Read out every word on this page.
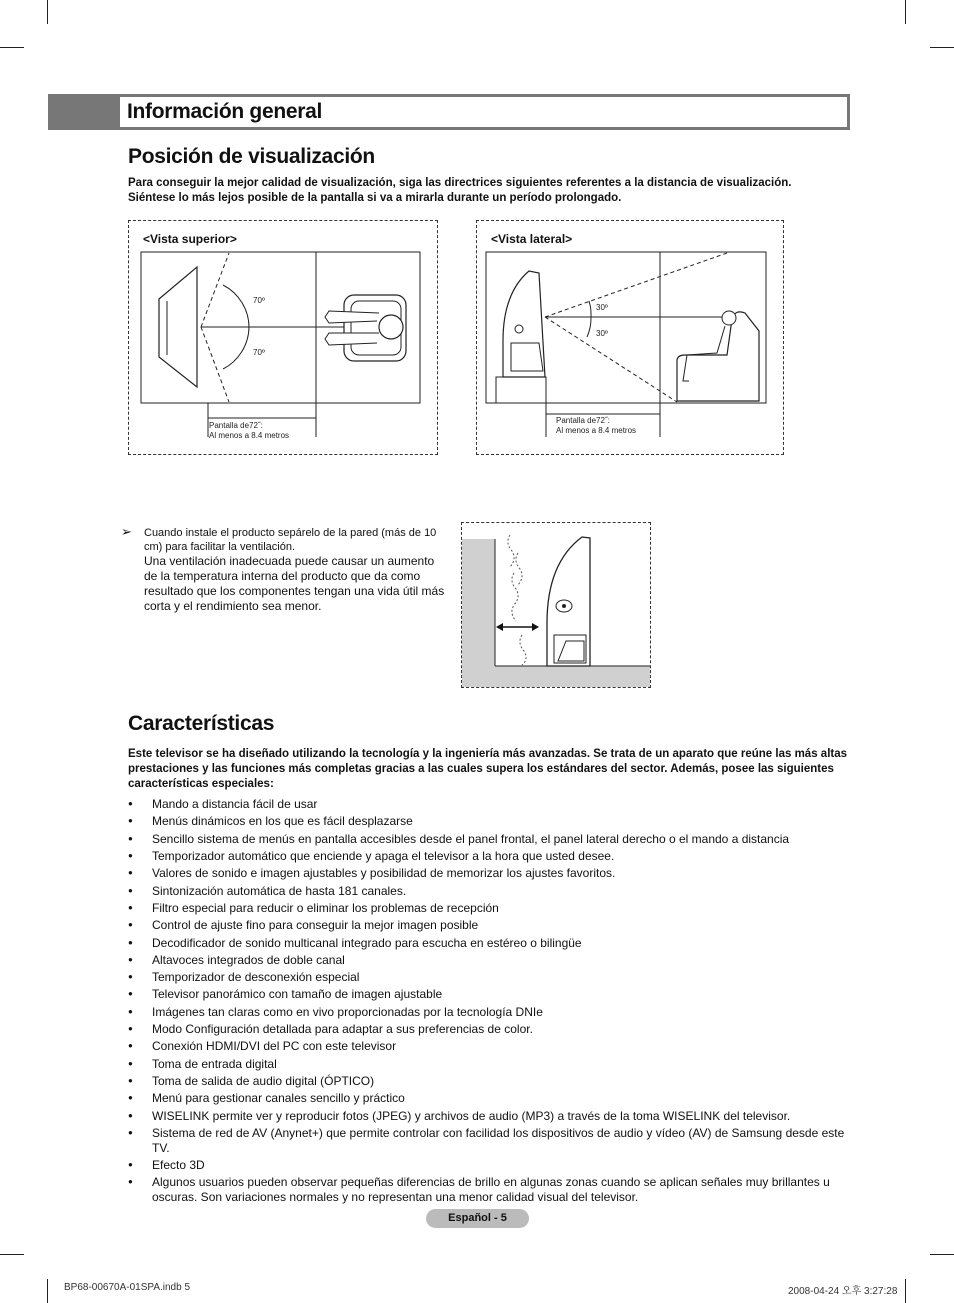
Información general
Posición de visualización
Para conseguir la mejor calidad de visualización, siga las directrices siguientes referentes a la distancia de visualización.
Siéntese lo más lejos posible de la pantalla si va a mirarla durante un período prolongado.
<Vista superior>
70º
70º
Pantalla de72˝:
Al menos a 8.4 metros
<Vista lateral>
30º
30º
Pantalla de72˝:
Al menos a 8.4 metros
➢ Cuando instale el producto sepárelo de la pared (más de 10 cm) para facilitar la ventilación.
Una ventilación inadecuada puede causar un aumento de la temperatura interna del producto que da como resultado que los componentes tengan una vida útil más corta y el rendimiento sea menor.
Características
Este televisor se ha diseñado utilizando la tecnología y la ingeniería más avanzadas. Se trata de un aparato que reúne las más altas prestaciones y las funciones más completas gracias a las cuales supera los estándares del sector. Además, posee las siguientes características especiales:
● Mando a distancia fácil de usar
● Menús dinámicos en los que es fácil desplazarse
● Sencillo sistema de menús en pantalla accesibles desde el panel frontal, el panel lateral derecho o el mando a distancia
● Temporizador automático que enciende y apaga el televisor a la hora que usted desee.
● Valores de sonido e imagen ajustables y posibilidad de memorizar los ajustes favoritos.
● Sintonización automática de hasta 181 canales.
● Filtro especial para reducir o eliminar los problemas de recepción
● Control de ajuste fino para conseguir la mejor imagen posible
● Decodificador de sonido multicanal integrado para escucha en estéreo o bilingüe
● Altavoces integrados de doble canal
● Temporizador de desconexión especial
● Televisor panorámico con tamaño de imagen ajustable
● Imágenes tan claras como en vivo proporcionadas por la tecnología DNIe
● Modo Configuración detallada para adaptar a sus preferencias de color.
● Conexión HDMI/DVI del PC con este televisor
● Toma de entrada digital
● Toma de salida de audio digital (ÓPTICO)
● Menú para gestionar canales sencillo y práctico
● WISELINK permite ver y reproducir fotos (JPEG) y archivos de audio (MP3) a través de la toma WISELINK del televisor.
● Sistema de red de AV (Anynet+) que permite controlar con facilidad los dispositivos de audio y vídeo (AV) de Samsung desde este TV.
● Efecto 3D
● Algunos usuarios pueden observar pequeñas diferencias de brillo en algunas zonas cuando se aplican señales muy brillantes u oscuras. Son variaciones normales y no representan una menor calidad visual del televisor.
Español - 5
BP68-00670A-01SPA.indb 5	2008-04-24 오후 3:27:28
